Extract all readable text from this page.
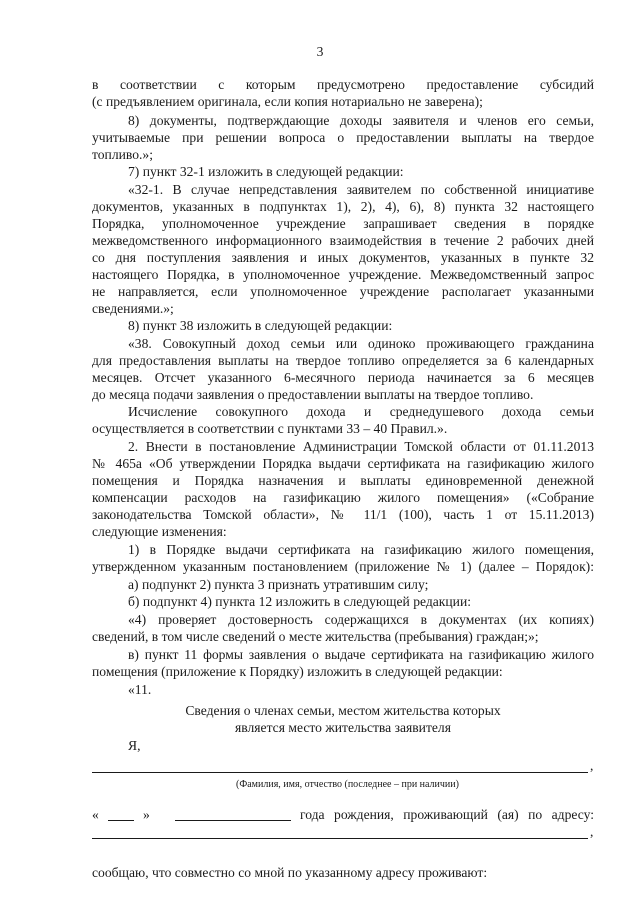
3
в соответствии с которым предусмотрено предоставление субсидий
(с предъявлением оригинала, если копия нотариально не заверена);
8) документы, подтверждающие доходы заявителя и членов его семьи,
учитываемые при решении вопроса о предоставлении выплаты на твердое
топливо.»;
7) пункт 32-1 изложить в следующей редакции:
«32-1. В случае непредставления заявителем по собственной инициативе
документов, указанных в подпунктах 1), 2), 4), 6), 8) пункта 32 настоящего
Порядка, уполномоченное учреждение запрашивает сведения в порядке
межведомственного информационного взаимодействия в течение 2 рабочих дней
со дня поступления заявления и иных документов, указанных в пункте 32
настоящего Порядка, в уполномоченное учреждение. Межведомственный запрос
не направляется, если уполномоченное учреждение располагает указанными
сведениями.»;
8) пункт 38 изложить в следующей редакции:
«38. Совокупный доход семьи или одиноко проживающего гражданина
для предоставления выплаты на твердое топливо определяется за 6 календарных
месяцев. Отсчет указанного 6-месячного периода начинается за 6 месяцев
до месяца подачи заявления о предоставлении выплаты на твердое топливо.
Исчисление совокупного дохода и среднедушевого дохода семьи
осуществляется в соответствии с пунктами 33 – 40 Правил.».
2. Внести в постановление Администрации Томской области от 01.11.2013
№ 465а «Об утверждении Порядка выдачи сертификата на газификацию жилого
помещения и Порядка назначения и выплаты единовременной денежной
компенсации расходов на газификацию жилого помещения» («Собрание
законодательства Томской области», № 11/1 (100), часть 1 от 15.11.2013)
следующие изменения:
1) в Порядке выдачи сертификата на газификацию жилого помещения,
утвержденном указанным постановлением (приложение № 1) (далее – Порядок):
а) подпункт 2) пункта 3 признать утратившим силу;
б) подпункт 4) пункта 12 изложить в следующей редакции:
«4) проверяет достоверность содержащихся в документах (их копиях)
сведений, в том числе сведений о месте жительства (пребывания) граждан;»;
в) пункт 11 формы заявления о выдаче сертификата на газификацию жилого
помещения (приложение к Порядку) изложить в следующей редакции:
«11.
Сведения о членах семьи, местом жительства которых
является место жительства заявителя
Я,
,
(Фамилия, имя, отчество (последнее – при наличии)
«	»	года рождения, проживающий (ая) по адресу:
,
сообщаю, что совместно со мной по указанному адресу проживают:
